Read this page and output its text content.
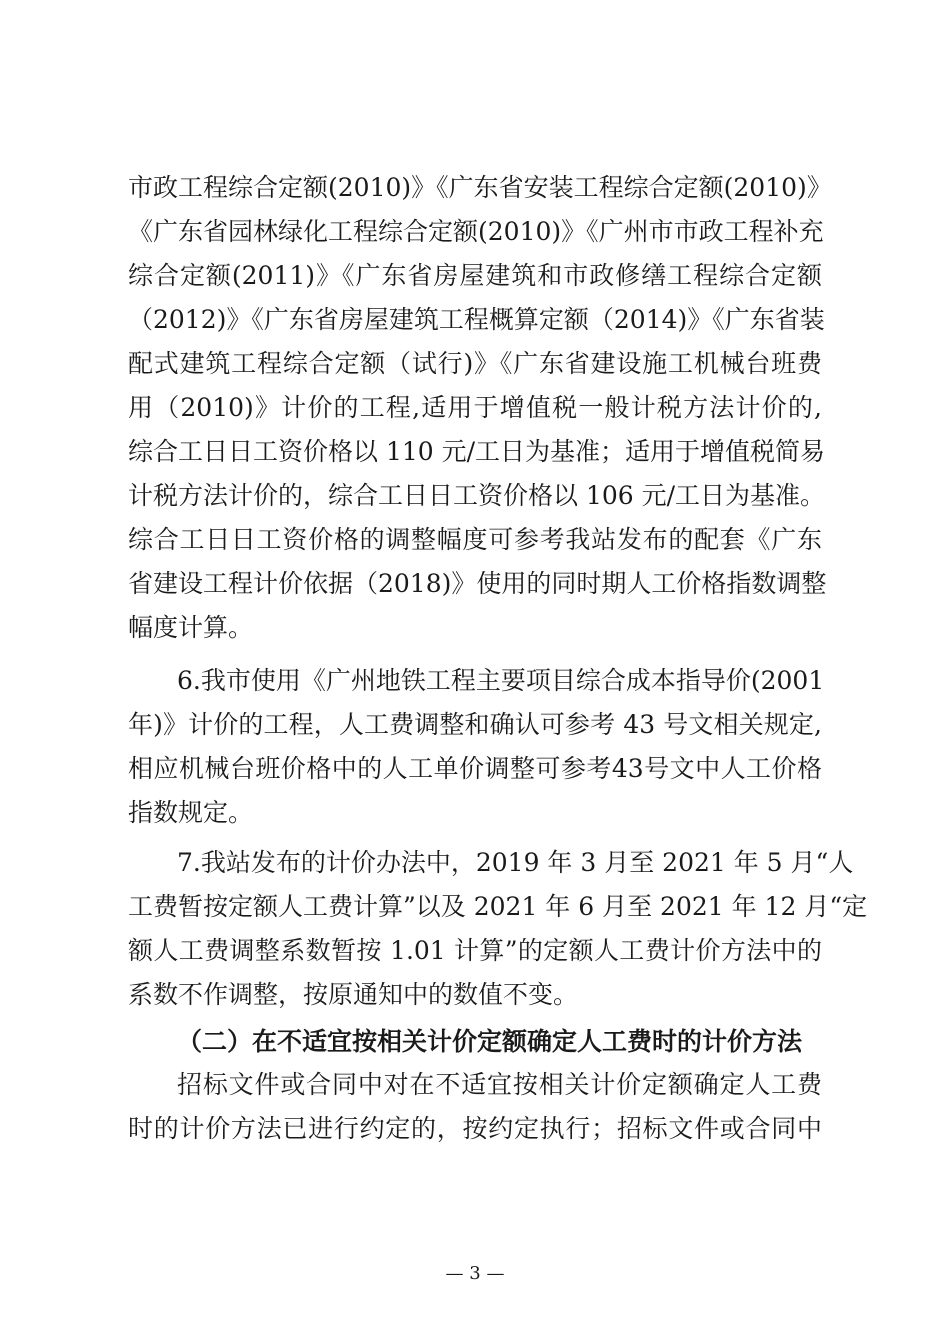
市政工程综合定额(2010)》《广东省安装工程综合定额(2010)》
《广东省园林绿化工程综合定额(2010)》《广州市市政工程补充
综合定额(2011)》《广东省房屋建筑和市政修缮工程综合定额
（2012)》《广东省房屋建筑工程概算定额（2014)》《广东省装
配式建筑工程综合定额（试行)》《广东省建设施工机械台班费
用（2010)》计价的工程,适用于增值税一般计税方法计价的,
综合工日日工资价格以 110 元/工日为基准；适用于增值税简易
计税方法计价的，综合工日日工资价格以 106 元/工日为基准。
综合工日日工资价格的调整幅度可参考我站发布的配套《广东
省建设工程计价依据（2018)》使用的同时期人工价格指数调整
幅度计算。
6.我市使用《广州地铁工程主要项目综合成本指导价(2001
年)》计价的工程，人工费调整和确认可参考 43 号文相关规定,
相应机械台班价格中的人工单价调整可参考43号文中人工价格
指数规定。
7.我站发布的计价办法中，2019 年 3 月至 2021 年 5 月“人
工费暂按定额人工费计算”以及 2021 年 6 月至 2021 年 12 月“定
额人工费调整系数暂按 1.01 计算”的定额人工费计价方法中的
系数不作调整，按原通知中的数值不变。
（二）在不适宜按相关计价定额确定人工费时的计价方法
招标文件或合同中对在不适宜按相关计价定额确定人工费
时的计价方法已进行约定的，按约定执行；招标文件或合同中
— 3 —
